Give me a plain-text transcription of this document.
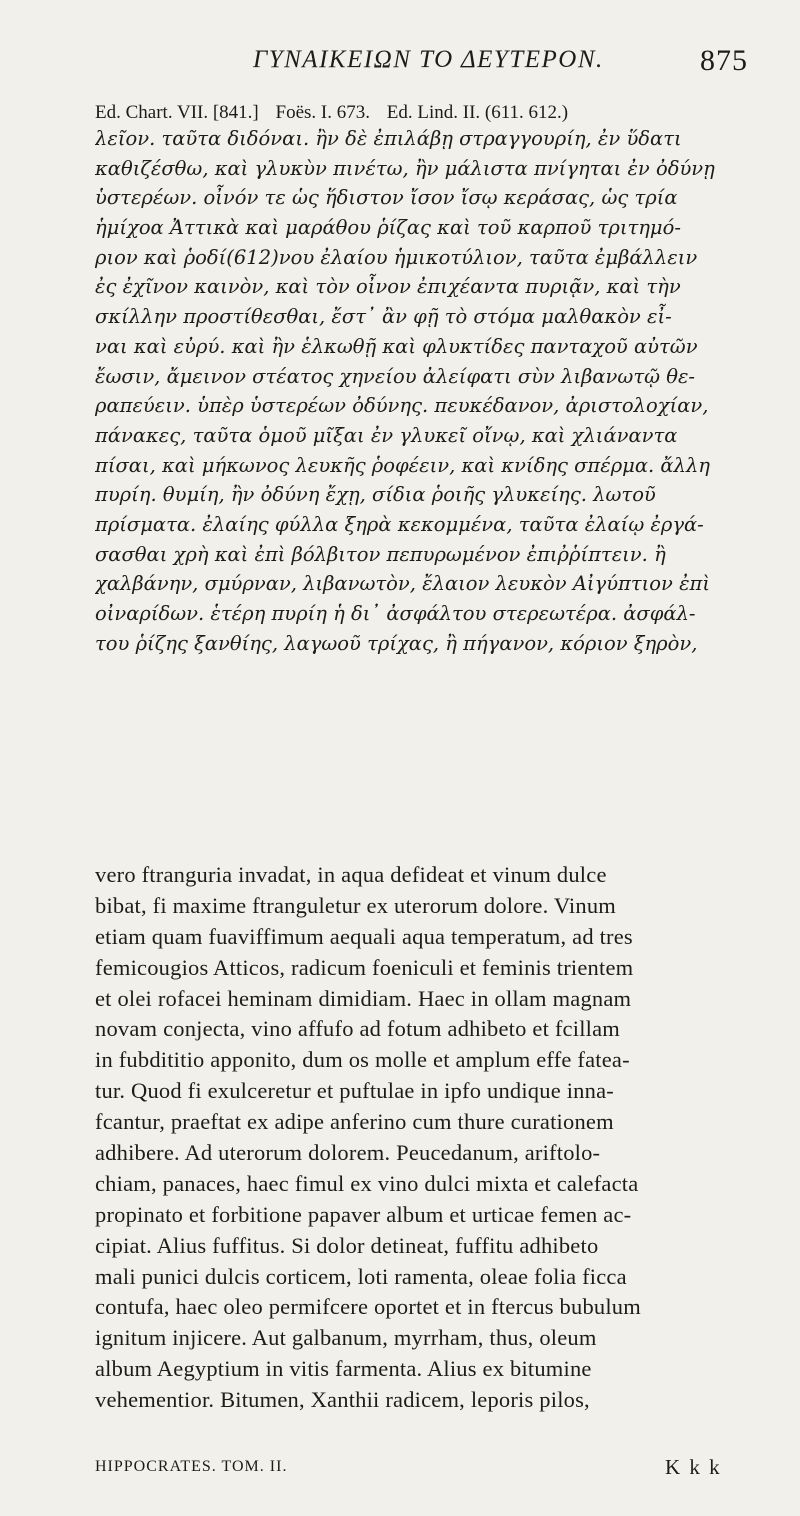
ΓΥΝΑΙΚΕΙΩΝ ΤΟ ΔΕΥΤΕΡΟΝ.	875
Ed. Chart. VII. [841.] Foës. I. 673. Ed. Lind. II. (611. 612.)
λεῖον. ταῦτα διδόναι. ἢν δὲ ἐπιλάβῃ στραγγουρίη, ἐν ὕδατι
καθιζέσθω, καὶ γλυκὺν πινέτω, ἢν μάλιστα πνίγηται ἐν ὀδύνῃ
ὑστερέων. οἶνόν τε ὡς ἥδιστον ἴσον ἴσῳ κεράσας, ὡς τρία
ἡμίχοα Ἀττικὰ καὶ μαράθου ῥίζας καὶ τοῦ καρποῦ τριτημό-
ριον καὶ ῥοδί(612)νου ἐλαίου ἡμικοτύλιον, ταῦτα ἐμβάλλειν
ἐς ἐχῖνον καινὸν, καὶ τὸν οἶνον ἐπιχέαντα πυριᾷν, καὶ τὴν
σκίλλην προστίθεσθαι, ἔστ᾽ ἂν φῇ τὸ στόμα μαλθακὸν εἶ-
ναι καὶ εὐρύ. καὶ ἢν ἑλκωθῇ καὶ φλυκτίδες πανταχοῦ αὐτῶν
ἔωσιν, ἄμεινον στέατος χηνείου ἀλείφατι σὺν λιβανωτῷ θε-
ραπεύειν. ὑπὲρ ὑστερέων ὀδύνης. πευκέδανον, ἀριστολοχίαν,
πάνακες, ταῦτα ὁμοῦ μῖξαι ἐν γλυκεῖ οἴνῳ, καὶ χλιάναντα
πίσαι, καὶ μήκωνος λευκῆς ῥοφέειν, καὶ κνίδης σπέρμα. ἄλλη
πυρίη. θυμίη, ἢν ὀδύνη ἔχῃ, σίδια ῥοιῆς γλυκείης. λωτοῦ
πρίσματα. ἐλαίης φύλλα ξηρὰ κεκομμένα, ταῦτα ἐλαίῳ ἐργά-
σασθαι χρὴ καὶ ἐπὶ βόλβιτον πεπυρωμένον ἐπιῤῥίπτειν. ἢ
χαλβάνην, σμύρναν, λιβανωτὸν, ἔλαιον λευκὸν Αἰγύπτιον ἐπὶ
οἰναρίδων. ἑτέρη πυρίη ἡ δι᾽ ἀσφάλτου στερεωτέρα. ἀσφάλ-
του ῥίζης ξανθίης, λαγωοῦ τρίχας, ἢ πήγανον, κόριον ξηρὸν,
vero ftranguria invadat, in aqua defideat et vinum dulce
bibat, fi maxime ftranguletur ex uterorum dolore. Vinum
etiam quam fuaviffimum aequali aqua temperatum, ad tres
femicougios Atticos, radicum foeniculi et feminis trientem
et olei rofacei heminam dimidiam. Haec in ollam magnam
novam conjecta, vino affufo ad fotum adhibeto et fcillam
in fubdititio apponito, dum os molle et amplum effe fatea-
tur. Quod fi exulceretur et puftulae in ipfo undique inna-
fcantur, praeftat ex adipe anferino cum thure curationem
adhibere. Ad uterorum dolorem. Peucedanum, ariftolo-
chiam, panaces, haec fimul ex vino dulci mixta et calefacta
propinato et forbitione papaver album et urticae femen ac-
cipiat. Alius fuffitus. Si dolor detineat, fuffitu adhibeto
mali punici dulcis corticem, loti ramenta, oleae folia ficca
contufa, haec oleo permifcere oportet et in ftercus bubulum
ignitum injicere. Aut galbanum, myrrham, thus, oleum
album Aegyptium in vitis farmenta. Alius ex bitumine
vehementior. Bitumen, Xanthii radicem, leporis pilos,
HIPPOCRATES. TOM. II.	K k k
